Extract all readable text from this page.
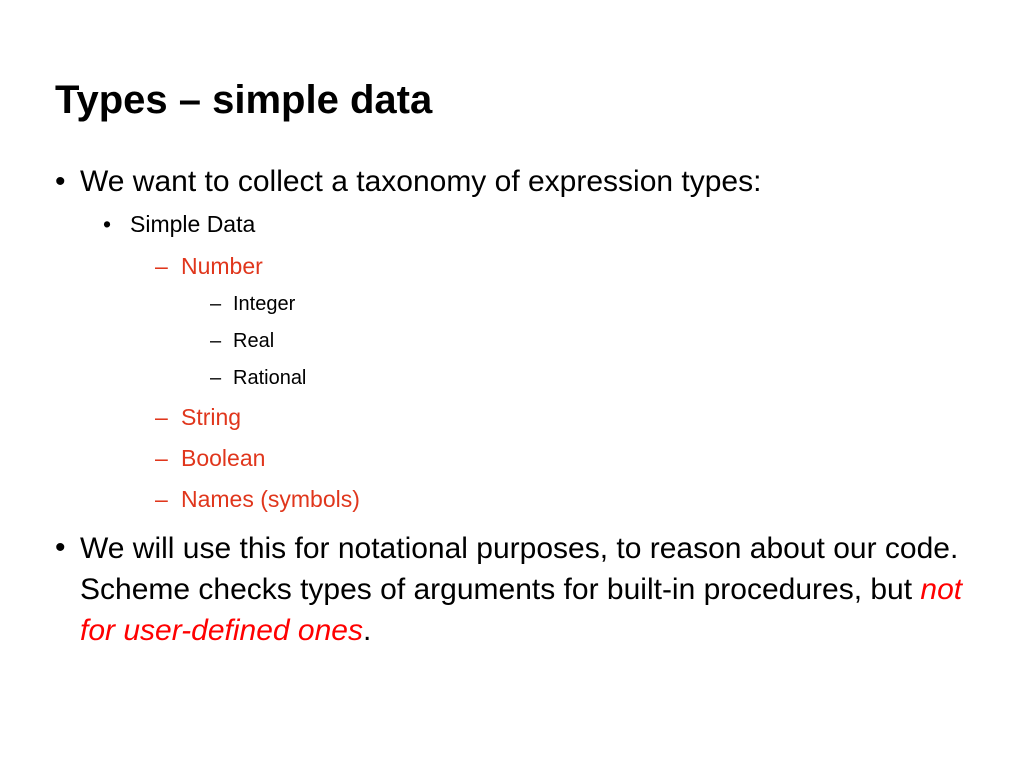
Types – simple data
• We want to collect a taxonomy of expression types:
• Simple Data
– Number
– Integer
– Real
– Rational
– String
– Boolean
– Names (symbols)
• We will use this for notational purposes, to reason about our code. Scheme checks types of arguments for built-in procedures, but not for user-defined ones.
